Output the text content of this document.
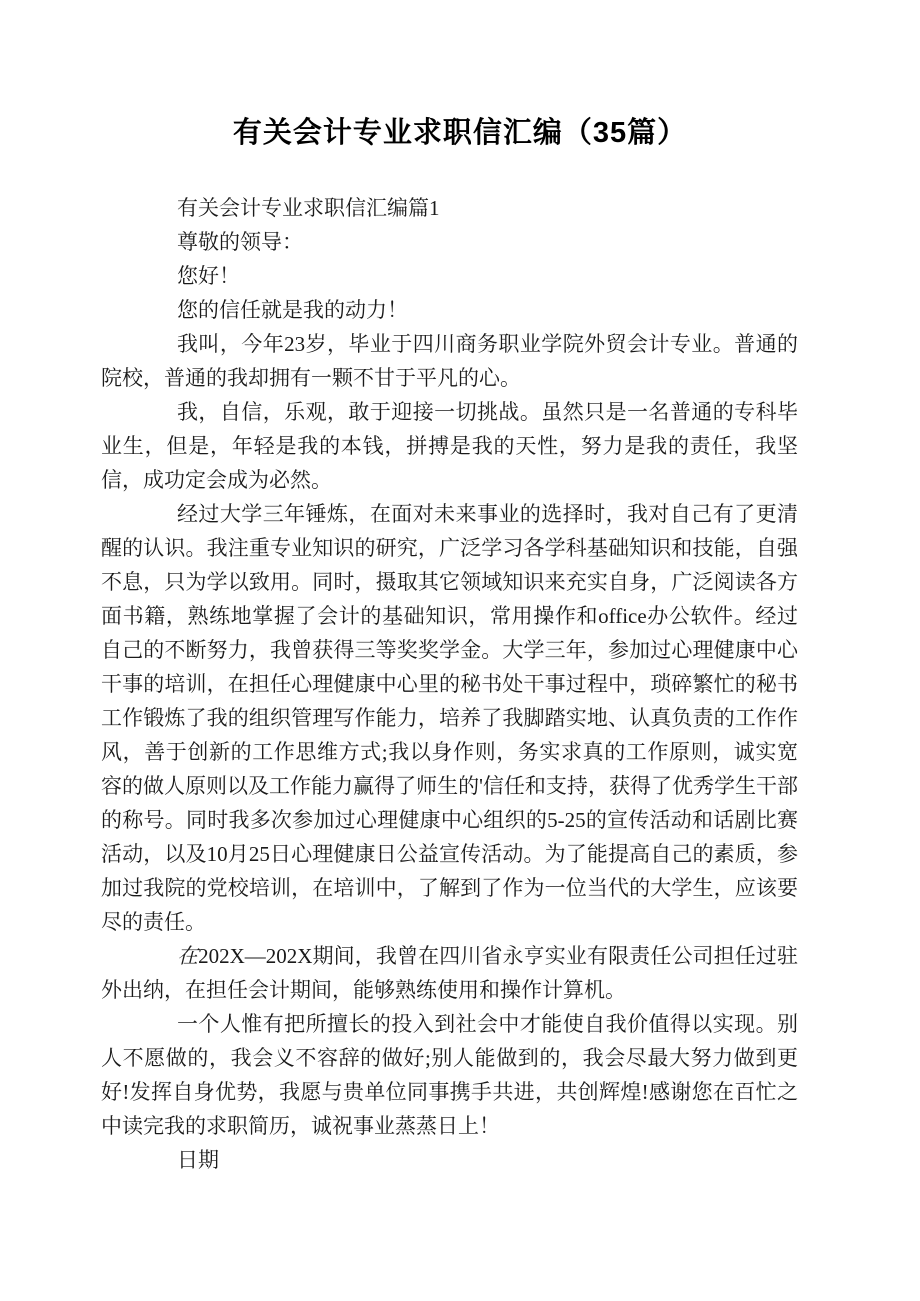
有关会计专业求职信汇编（35篇）

有关会计专业求职信汇编篇1

尊敬的领导：

您好！

您的信任就是我的动力！

我叫，今年23岁，毕业于四川商务职业学院外贸会计专业。普通的院校，普通的我却拥有一颗不甘于平凡的心。

我，自信，乐观，敢于迎接一切挑战。虽然只是一名普通的专科毕业生，但是，年轻是我的本钱，拼搏是我的天性，努力是我的责任，我坚信，成功定会成为必然。

经过大学三年锤炼，在面对未来事业的选择时，我对自己有了更清醒的认识。我注重专业知识的研究，广泛学习各学科基础知识和技能，自强不息，只为学以致用。同时，摄取其它领域知识来充实自身，广泛阅读各方面书籍，熟练地掌握了会计的基础知识，常用操作和office办公软件。经过自己的不断努力，我曾获得三等奖奖学金。大学三年，参加过心理健康中心干事的培训，在担任心理健康中心里的秘书处干事过程中，琐碎繁忙的秘书工作锻炼了我的组织管理写作能力，培养了我脚踏实地、认真负责的工作作风，善于创新的工作思维方式;我以身作则，务实求真的工作原则，诚实宽容的做人原则以及工作能力赢得了师生的'信任和支持，获得了优秀学生干部的称号。同时我多次参加过心理健康中心组织的5-25的宣传活动和话剧比赛活动，以及10月25日心理健康日公益宣传活动。为了能提高自己的素质，参加过我院的党校培训，在培训中，了解到了作为一位当代的大学生，应该要尽的责任。

在202X—202X期间，我曾在四川省永亨实业有限责任公司担任过驻外出纳，在担任会计期间，能够熟练使用和操作计算机。

一个人惟有把所擅长的投入到社会中才能使自我价值得以实现。别人不愿做的，我会义不容辞的做好;别人能做到的，我会尽最大努力做到更好!发挥自身优势，我愿与贵单位同事携手共进，共创辉煌!感谢您在百忙之中读完我的求职简历，诚祝事业蒸蒸日上！

日期
